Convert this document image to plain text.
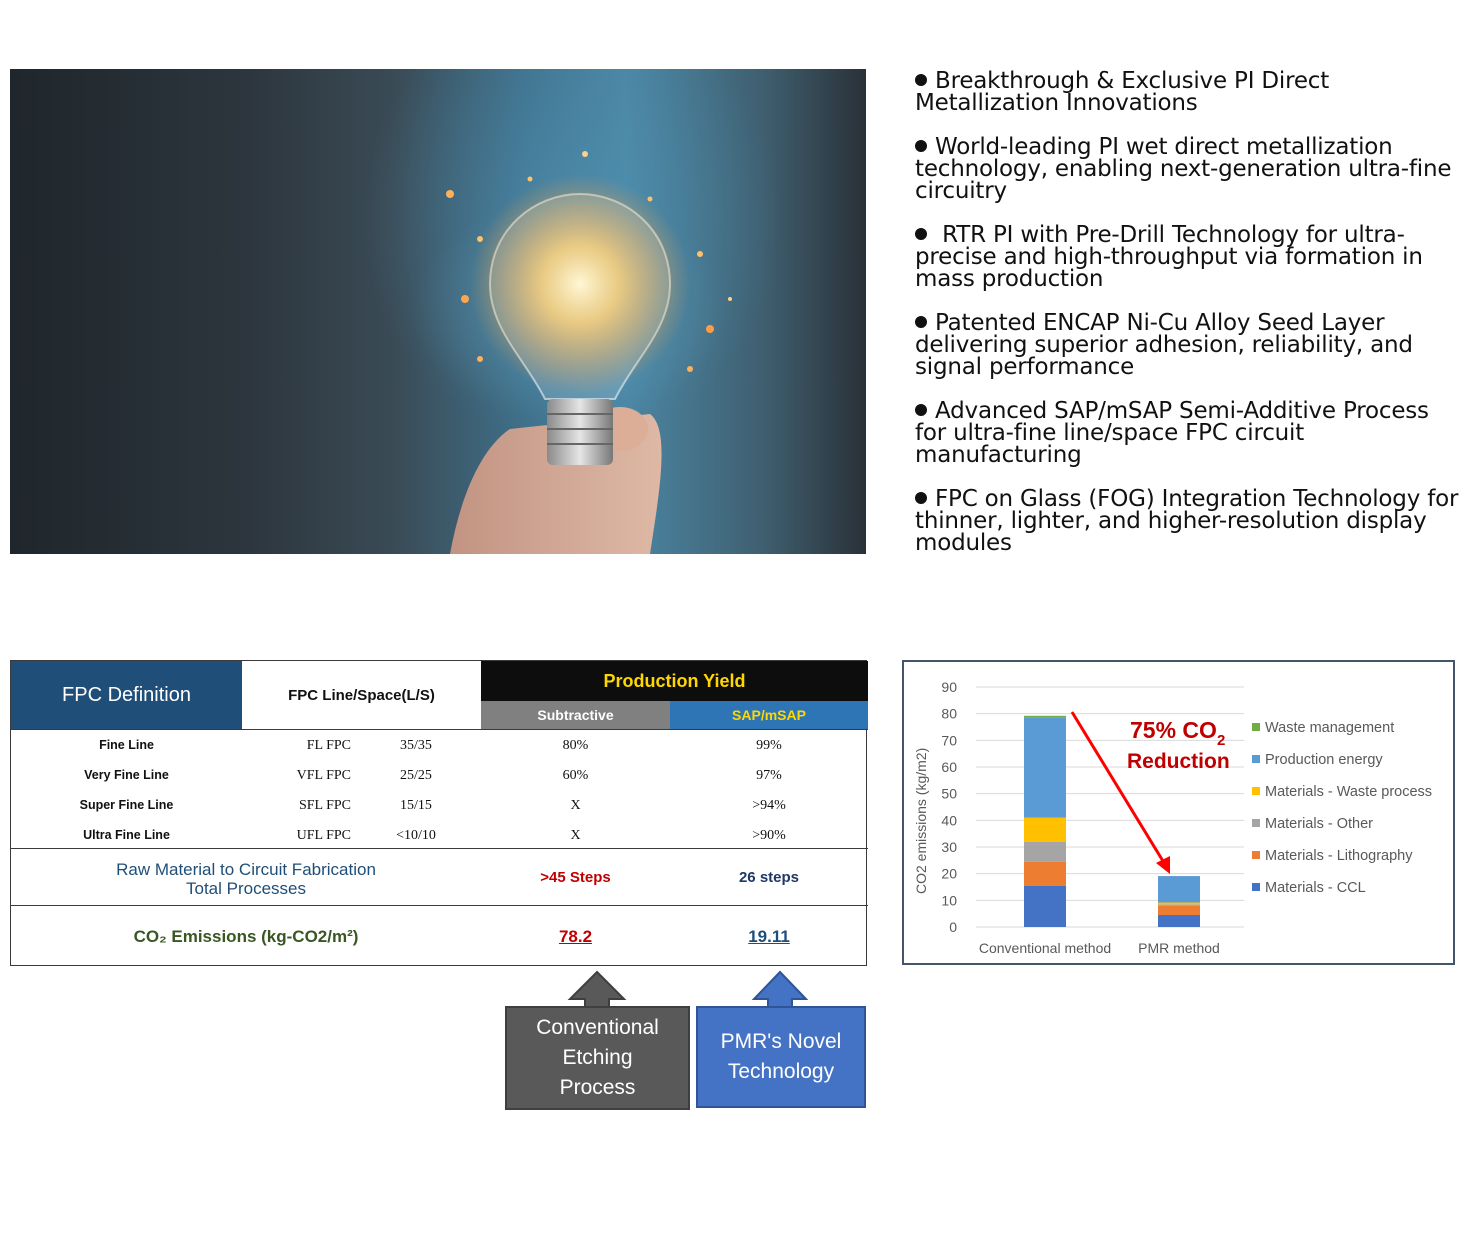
Breakthrough & Exclusive PI Direct Metallization Innovations
World-leading PI wet direct metallization technology, enabling next-generation ultra-fine circuitry
RTR PI with Pre-Drill Technology for ultra-precise and high-throughput via formation in mass production
Patented ENCAP Ni-Cu Alloy Seed Layer delivering superior adhesion, reliability, and signal performance
Advanced SAP/mSAP Semi-Additive Process for ultra-fine line/space FPC circuit manufacturing
FPC on Glass (FOG) Integration Technology for thinner, lighter, and higher-resolution display modules
FPC Definition	FPC Line/Space(L/S)
Production Yield
Subtractive	SAP/mSAP
Fine Line	FL FPC	35/35	80%	99%
Very Fine Line	VFL FPC	25/25	60%	97%
Super Fine Line	SFL FPC	15/15	X	>94%
Ultra Fine Line	UFL FPC	<10/10	X	>90%
Raw Material to Circuit Fabrication
Total Processes
>45 Steps	26 steps
CO₂ Emissions (kg-CO2/m²)	78.2	19.11
Conventional
Etching
Process
PMR's Novel
Technology
0
10
20
30
40
50
60
70
80
90
Conventional method PMR method
Waste management
Production energy
Materials - Waste process
Materials - Other
Materials - Lithography
Materials - CCL
CO2 emissions (kg/m2)
75% $CO_2$
Reduction
